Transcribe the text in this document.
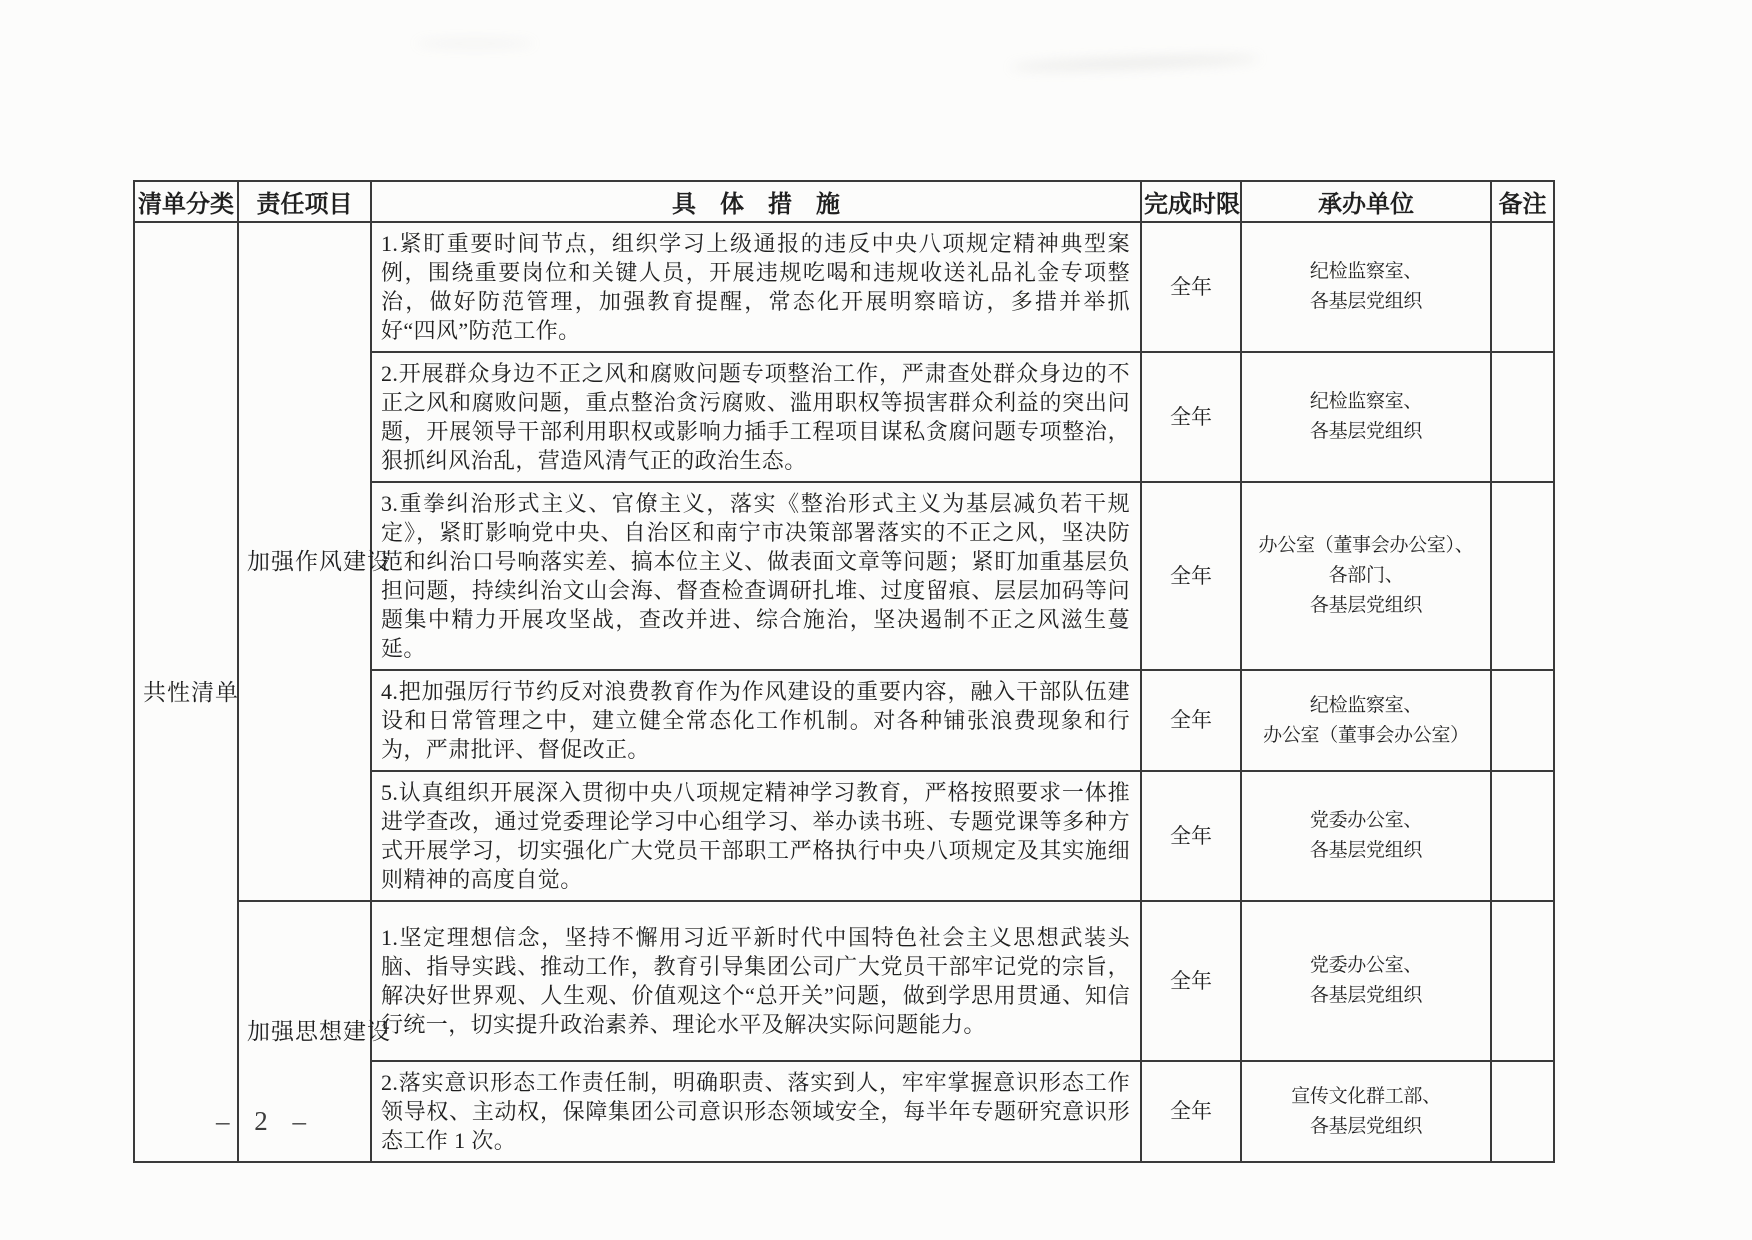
清单分类	责任项目	具　体　措　施	完成时限	承办单位	备注
共性清单	加强作风建设	1.紧盯重要时间节点，组织学习上级通报的违反中央八项规定精神典型案例，围绕重要岗位和关键人员，开展违规吃喝和违规收送礼品礼金专项整治，做好防范管理，加强教育提醒，常态化开展明察暗访，多措并举抓好“四风”防范工作。	全年	纪检监察室、
各基层党组织	

		2.开展群众身边不正之风和腐败问题专项整治工作，严肃查处群众身边的不正之风和腐败问题，重点整治贪污腐败、滥用职权等损害群众利益的突出问题，开展领导干部利用职权或影响力插手工程项目谋私贪腐问题专项整治，狠抓纠风治乱，营造风清气正的政治生态。	全年	纪检监察室、
各基层党组织	

		3.重拳纠治形式主义、官僚主义，落实《整治形式主义为基层减负若干规定》，紧盯影响党中央、自治区和南宁市决策部署落实的不正之风，坚决防范和纠治口号响落实差、搞本位主义、做表面文章等问题；紧盯加重基层负担问题，持续纠治文山会海、督查检查调研扎堆、过度留痕、层层加码等问题集中精力开展攻坚战，查改并进、综合施治，坚决遏制不正之风滋生蔓延。	全年	办公室（董事会办公室）、
各部门、
各基层党组织	

		4.把加强厉行节约反对浪费教育作为作风建设的重要内容，融入干部队伍建设和日常管理之中，建立健全常态化工作机制。对各种铺张浪费现象和行为，严肃批评、督促改正。	全年	纪检监察室、
办公室（董事会办公室）	

		5.认真组织开展深入贯彻中央八项规定精神学习教育，严格按照要求一体推进学查改，通过党委理论学习中心组学习、举办读书班、专题党课等多种方式开展学习，切实强化广大党员干部职工严格执行中央八项规定及其实施细则精神的高度自觉。	全年	党委办公室、
各基层党组织	

	加强思想建设	1.坚定理想信念，坚持不懈用习近平新时代中国特色社会主义思想武装头脑、指导实践、推动工作，教育引导集团公司广大党员干部牢记党的宗旨，解决好世界观、人生观、价值观这个“总开关”问题，做到学思用贯通、知信行统一，切实提升政治素养、理论水平及解决实际问题能力。	全年	党委办公室、
各基层党组织	

		2.落实意识形态工作责任制，明确职责、落实到人，牢牢掌握意识形态工作领导权、主动权，保障集团公司意识形态领域安全，每半年专题研究意识形态工作 1 次。	全年	宣传文化群工部、
各基层党组织	

– 2 –
